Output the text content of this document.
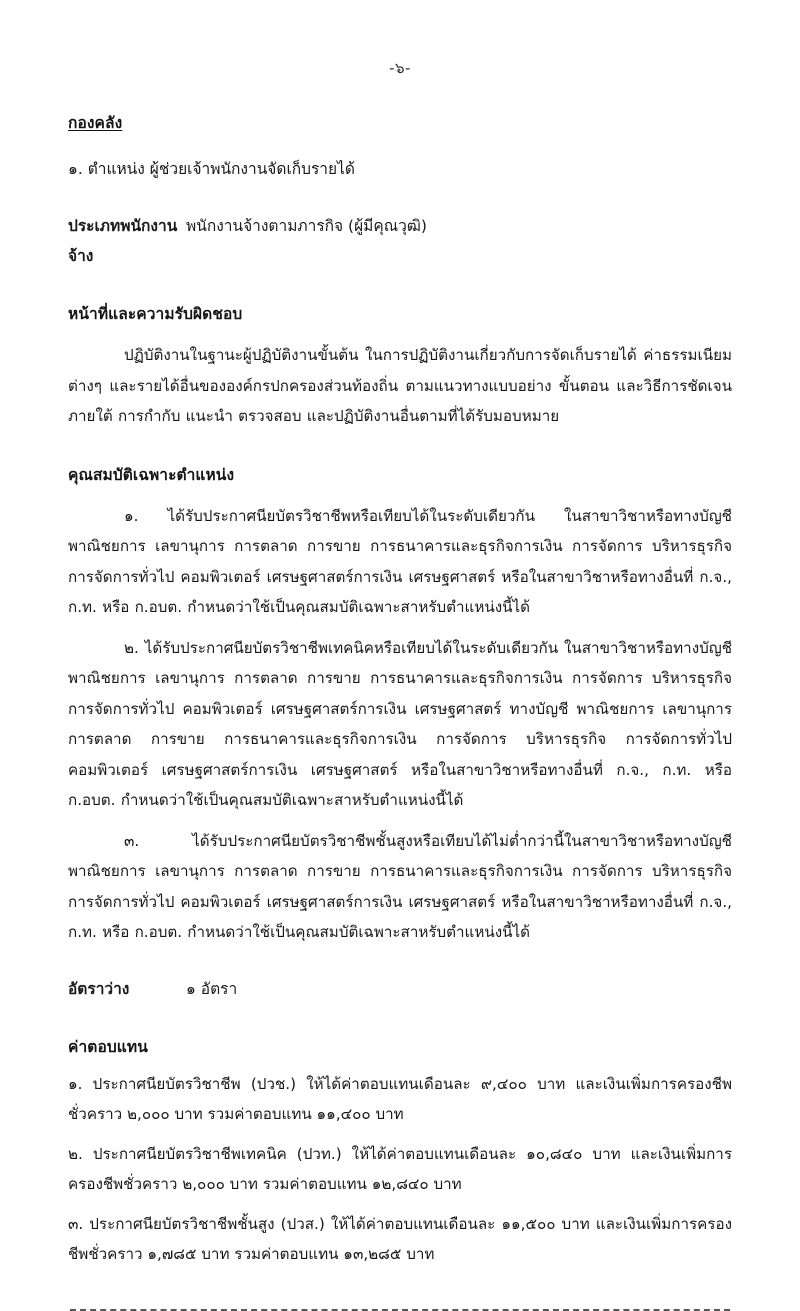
-๖-
กองคลัง
๑. ตำแหน่ง ผู้ช่วยเจ้าพนักงานจัดเก็บรายได้
ประเภทพนักงานจ้าง
พนักงานจ้างตามภารกิจ (ผู้มีคุณวุฒิ)
หน้าที่และความรับผิดชอบ
ปฏิบัติงานในฐานะผู้ปฏิบัติงานขั้นต้น ในการปฏิบัติงานเกี่ยวกับการจัดเก็บรายได้ ค่าธรรมเนียมต่างๆ และรายได้อื่นขององค์กรปกครองส่วนท้องถิ่น ตามแนวทางแบบอย่าง ขั้นตอน และวิธีการชัดเจน ภายใต้ การกำกับ แนะนำ ตรวจสอบ และปฏิบัติงานอื่นตามที่ได้รับมอบหมาย
คุณสมบัติเฉพาะตำแหน่ง
๑. ได้รับประกาศนียบัตรวิชาชีพหรือเทียบได้ในระดับเดียวกัน ในสาขาวิชาหรือทางบัญชี พาณิชยการ เลขานุการ การตลาด การขาย การธนาคารและธุรกิจการเงิน การจัดการ บริหารธุรกิจ การจัดการทั่วไป คอมพิวเตอร์ เศรษฐศาสตร์การเงิน เศรษฐศาสตร์ หรือในสาขาวิชาหรือทางอื่นที่ ก.จ., ก.ท. หรือ ก.อบต. กำหนดว่าใช้เป็นคุณสมบัติเฉพาะสาหรับตำแหน่งนี้ได้
๒. ได้รับประกาศนียบัตรวิชาชีพเทคนิคหรือเทียบได้ในระดับเดียวกัน ในสาขาวิชาหรือทางบัญชี พาณิชยการ เลขานุการ การตลาด การขาย การธนาคารและธุรกิจการเงิน การจัดการ บริหารธุรกิจ การจัดการทั่วไป คอมพิวเตอร์ เศรษฐศาสตร์การเงิน เศรษฐศาสตร์ ทางบัญชี พาณิชยการ เลขานุการ การตลาด การขาย การธนาคารและธุรกิจการเงิน การจัดการ บริหารธุรกิจ การจัดการทั่วไป คอมพิวเตอร์ เศรษฐศาสตร์การเงิน เศรษฐศาสตร์ หรือในสาขาวิชาหรือทางอื่นที่ ก.จ., ก.ท. หรือ ก.อบต. กำหนดว่าใช้เป็นคุณสมบัติเฉพาะสาหรับตำแหน่งนี้ได้
๓. ได้รับประกาศนียบัตรวิชาชีพชั้นสูงหรือเทียบได้ไม่ต่ำกว่านี้ในสาขาวิชาหรือทางบัญชี พาณิชยการ เลขานุการ การตลาด การขาย การธนาคารและธุรกิจการเงิน การจัดการ บริหารธุรกิจ การจัดการทั่วไป คอมพิวเตอร์ เศรษฐศาสตร์การเงิน เศรษฐศาสตร์ หรือในสาขาวิชาหรือทางอื่นที่ ก.จ., ก.ท. หรือ ก.อบต. กำหนดว่าใช้เป็นคุณสมบัติเฉพาะสาหรับตำแหน่งนี้ได้
อัตราว่าง	๑ อัตรา
ค่าตอบแทน
๑. ประกาศนียบัตรวิชาชีพ (ปวช.) ให้ได้ค่าตอบแทนเดือนละ ๙,๔๐๐ บาท และเงินเพิ่มการครองชีพชั่วคราว ๒,๐๐๐ บาท รวมค่าตอบแทน ๑๑,๔๐๐ บาท
๒. ประกาศนียบัตรวิชาชีพเทคนิค (ปวท.) ให้ได้ค่าตอบแทนเดือนละ ๑๐,๘๔๐ บาท และเงินเพิ่มการครองชีพชั่วคราว ๒,๐๐๐ บาท รวมค่าตอบแทน ๑๒,๘๔๐ บาท
๓. ประกาศนียบัตรวิชาชีพชั้นสูง (ปวส.) ให้ได้ค่าตอบแทนเดือนละ ๑๑,๕๐๐ บาท และเงินเพิ่มการครองชีพชั่วคราว ๑,๗๘๕ บาท รวมค่าตอบแทน ๑๓,๒๘๕ บาท
